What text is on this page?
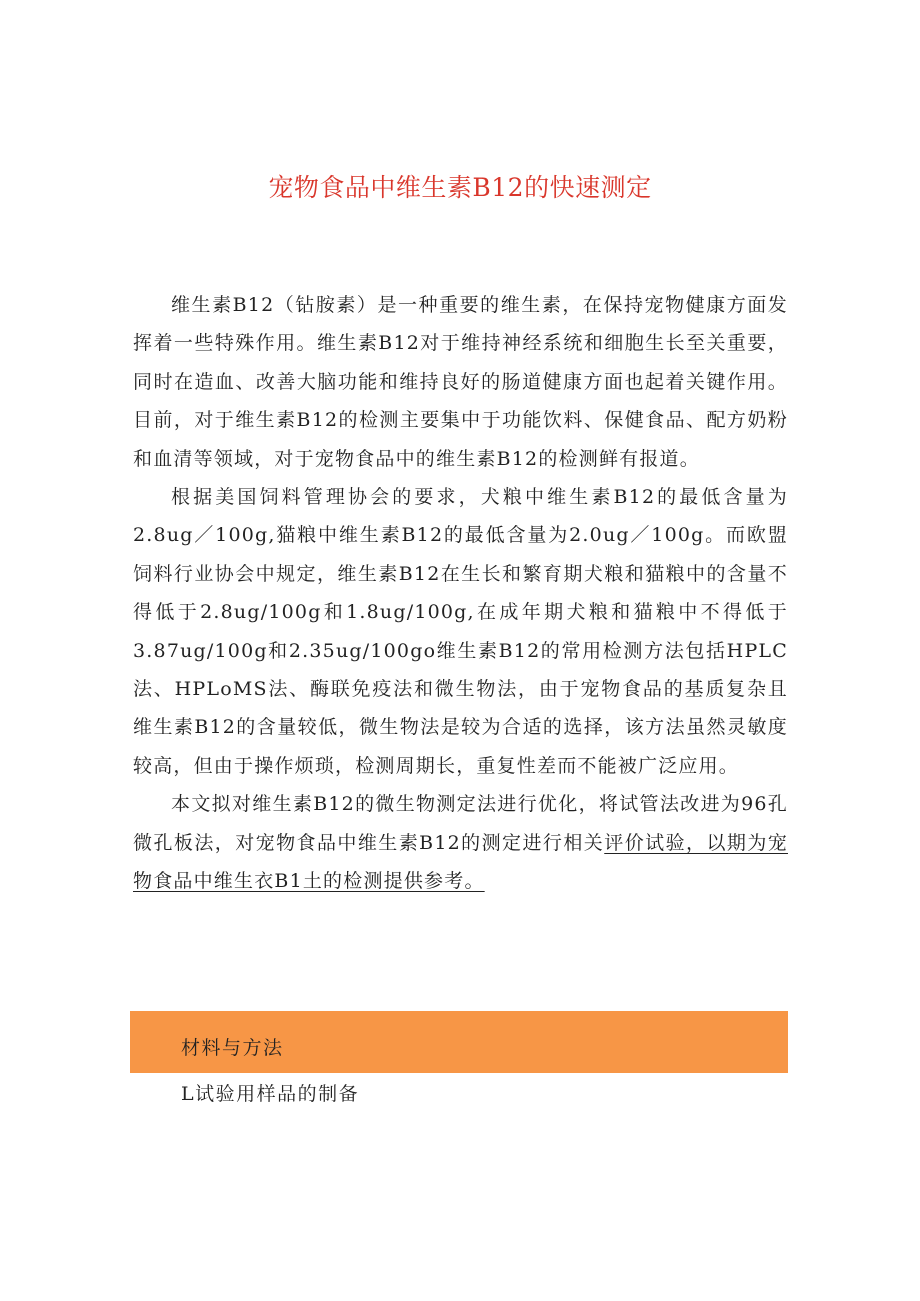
宠物食品中维生素B12的快速测定

维生素B12（钻胺素）是一种重要的维生素，在保持宠物健康方面发挥着一些特殊作用。维生素B12对于维持神经系统和细胞生长至关重要，同时在造血、改善大脑功能和维持良好的肠道健康方面也起着关键作用。目前，对于维生素B12的检测主要集中于功能饮料、保健食品、配方奶粉和血清等领域，对于宠物食品中的维生素B12的检测鲜有报道。

根据美国饲料管理协会的要求，犬粮中维生素B12的最低含量为2.8ug／100g,猫粮中维生素B12的最低含量为2.0ug／100g。而欧盟饲料行业协会中规定，维生素B12在生长和繁育期犬粮和猫粮中的含量不得低于2.8ug/100g和1.8ug/100g,在成年期犬粮和猫粮中不得低于3.87ug/100g和2.35ug/100go维生素B12的常用检测方法包括HPLC法、HPLoMS法、酶联免疫法和微生物法，由于宠物食品的基质复杂且维生素B12的含量较低，微生物法是较为合适的选择，该方法虽然灵敏度较高，但由于操作烦琐，检测周期长，重复性差而不能被广泛应用。

本文拟对维生素B12的微生物测定法进行优化，将试管法改进为96孔微孔板法，对宠物食品中维生素B12的测定进行相关评价试验，以期为宠物食品中维生衣B1土的检测提供参考。

材料与方法
L试验用样品的制备
